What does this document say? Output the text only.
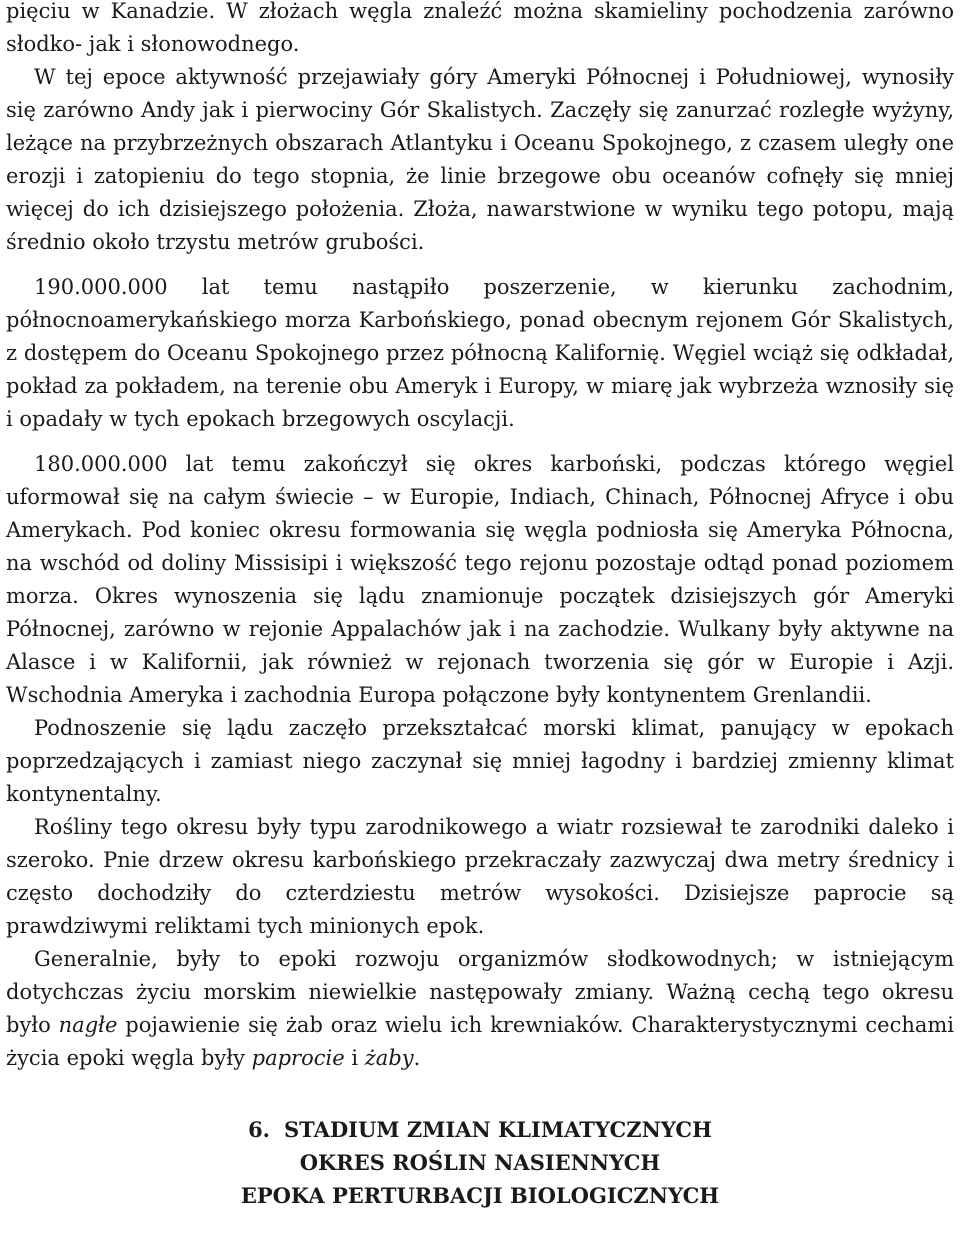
pięciu w Kanadzie. W złożach węgla znaleźć można skamieliny pochodzenia zarówno słodko- jak i słonowodnego.

W tej epoce aktywność przejawiały góry Ameryki Północnej i Południowej, wynosiły się zarówno Andy jak i pierwociny Gór Skalistych. Zaczęły się zanurzać rozległe wyżyny, leżące na przybrzeżnych obszarach Atlantyku i Oceanu Spokojnego, z czasem uległy one erozji i zatopieniu do tego stopnia, że linie brzegowe obu oceanów cofnęły się mniej więcej do ich dzisiejszego położenia. Złoża, nawarstwione w wyniku tego potopu, mają średnio około trzystu metrów grubości.

190.000.000 lat temu nastąpiło poszerzenie, w kierunku zachodnim, północnoamerykańskiego morza Karbońskiego, ponad obecnym rejonem Gór Skalistych, z dostępem do Oceanu Spokojnego przez północną Kalifornię. Węgiel wciąż się odkładał, pokład za pokładem, na terenie obu Ameryk i Europy, w miarę jak wybrzeża wznosiły się i opadały w tych epokach brzegowych oscylacji.

180.000.000 lat temu zakończył się okres karboński, podczas którego węgiel uformował się na całym świecie – w Europie, Indiach, Chinach, Północnej Afryce i obu Amerykach. Pod koniec okresu formowania się węgla podniosła się Ameryka Północna, na wschód od doliny Missisipi i większość tego rejonu pozostaje odtąd ponad poziomem morza. Okres wynoszenia się lądu znamionuje początek dzisiejszych gór Ameryki Północnej, zarówno w rejonie Appalachów jak i na zachodzie. Wulkany były aktywne na Alasce i w Kalifornii, jak również w rejonach tworzenia się gór w Europie i Azji. Wschodnia Ameryka i zachodnia Europa połączone były kontynentem Grenlandii.

Podnoszenie się lądu zaczęło przekształcać morski klimat, panujący w epokach poprzedzających i zamiast niego zaczynał się mniej łagodny i bardziej zmienny klimat kontynentalny.

Rośliny tego okresu były typu zarodnikowego a wiatr rozsiewał te zarodniki daleko i szeroko. Pnie drzew okresu karbońskiego przekraczały zazwyczaj dwa metry średnicy i często dochodziły do czterdziestu metrów wysokości. Dzisiejsze paprocie są prawdziwymi reliktami tych minionych epok.

Generalnie, były to epoki rozwoju organizmów słodkowodnych; w istniejącym dotychczas życiu morskim niewielkie następowały zmiany. Ważną cechą tego okresu było nagłe pojawienie się żab oraz wielu ich krewniaków. Charakterystycznymi cechami życia epoki węgla były paprocie i żaby.

6. STADIUM ZMIAN KLIMATYCZNYCH
OKRES ROŚLIN NASIENNYCH
EPOKA PERTURBACJI BIOLOGICZNYCH
